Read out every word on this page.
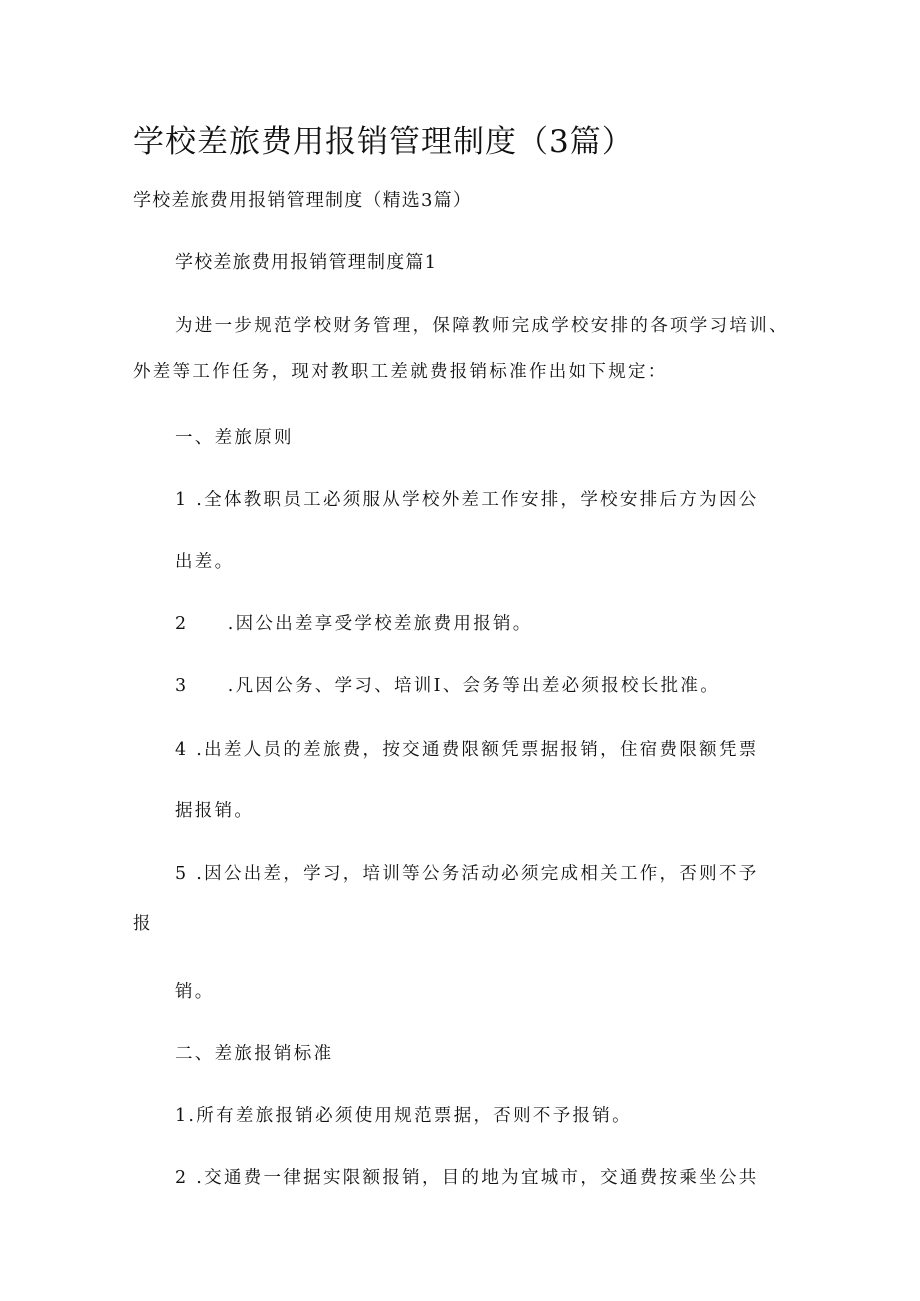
学校差旅费用报销管理制度（3篇）
学校差旅费用报销管理制度（精选3篇）
学校差旅费用报销管理制度篇1
为进一步规范学校财务管理，保障教师完成学校安排的各项学习培训、
外差等工作任务，现对教职工差就费报销标准作出如下规定：
一、差旅原则
1 .全体教职员工必须服从学校外差工作安排，学校安排后方为因公
出差。
2     .因公出差享受学校差旅费用报销。
3     .凡因公务、学习、培训I、会务等出差必须报校长批准。
4 .出差人员的差旅费，按交通费限额凭票据报销，住宿费限额凭票
据报销。
5 .因公出差，学习，培训等公务活动必须完成相关工作，否则不予
报
销。
二、差旅报销标准
1.所有差旅报销必须使用规范票据，否则不予报销。
2 .交通费一律据实限额报销，目的地为宜城市，交通费按乘坐公共
